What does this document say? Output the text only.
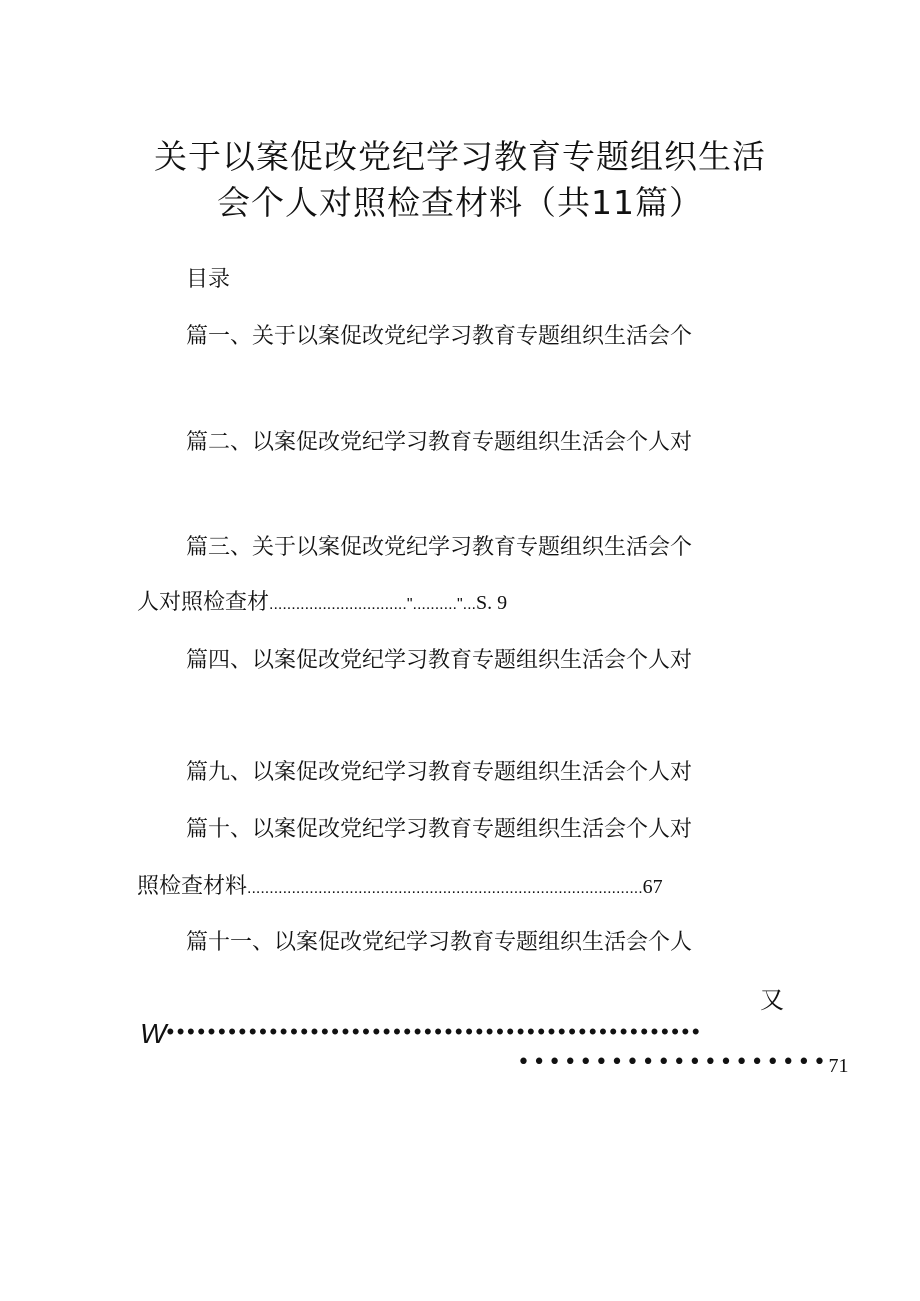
关于以案促改党纪学习教育专题组织生活
会个人对照检查材料（共11篇）
目录
篇一、关于以案促改党纪学习教育专题组织生活会个
篇二、以案促改党纪学习教育专题组织生活会个人对
篇三、关于以案促改党纪学习教育专题组织生活会个
人对照检查材...............................".........."...S. 9
篇四、以案促改党纪学习教育专题组织生活会个人对
篇九、以案促改党纪学习教育专题组织生活会个人对
篇十、以案促改党纪学习教育专题组织生活会个人对
照检查材料.........................................................................................67
篇十一、以案促改党纪学习教育专题组织生活会个人
又
W••••••••••••••••••••••••••••••••••••••••••••••••••••
••••••••••••••••••••71
